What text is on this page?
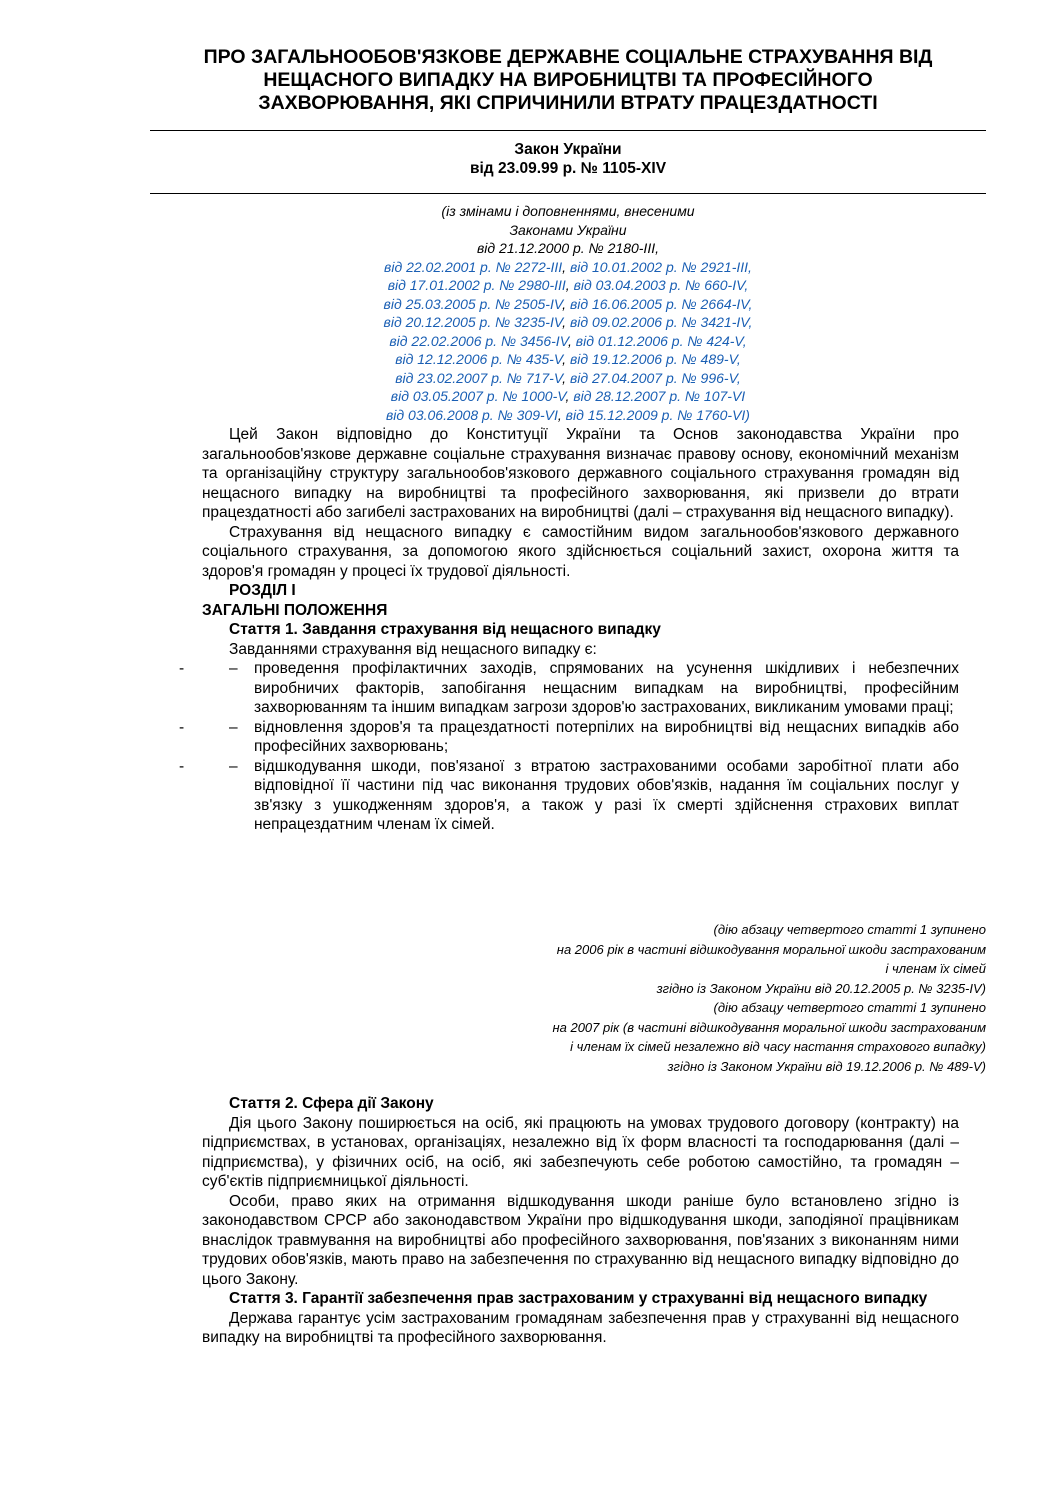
ПРО ЗАГАЛЬНООБОВ'ЯЗКОВЕ ДЕРЖАВНЕ СОЦІАЛЬНЕ СТРАХУВАННЯ ВІД
НЕЩАСНОГО ВИПАДКУ НА ВИРОБНИЦТВІ ТА ПРОФЕСІЙНОГО
ЗАХВОРЮВАННЯ, ЯКІ СПРИЧИНИЛИ ВТРАТУ ПРАЦЕЗДАТНОСТІ
Закон України
від 23.09.99 р. № 1105-XIV
(із змінами і доповненнями, внесеними
Законами України
від 21.12.2000 р. № 2180-III,
від 22.02.2001 р. № 2272-III, від 10.01.2002 р. № 2921-III,
від 17.01.2002 р. № 2980-III, від 03.04.2003 р. № 660-IV,
від 25.03.2005 р. № 2505-IV, від 16.06.2005 р. № 2664-IV,
від 20.12.2005 р. № 3235-IV, від 09.02.2006 р. № 3421-IV,
від 22.02.2006 р. № 3456-IV, від 01.12.2006 р. № 424-V,
від 12.12.2006 р. № 435-V, від 19.12.2006 р. № 489-V,
від 23.02.2007 р. № 717-V, від 27.04.2007 р. № 996-V,
від 03.05.2007 р. № 1000-V, від 28.12.2007 р. № 107-VI
від 03.06.2008 р. № 309-VI, від 15.12.2009 р. № 1760-VI)

Цей Закон відповідно до Конституції України та Основ законодавства України про загальнообов'язкове державне соціальне страхування визначає правову основу, економічний механізм та організаційну структуру загальнообов'язкового державного соціального страхування громадян від нещасного випадку на виробництві та професійного захворювання, які призвели до втрати працездатності або загибелі застрахованих на виробництві (далі – страхування від нещасного випадку).

Страхування від нещасного випадку є самостійним видом загальнообов'язкового державного соціального страхування, за допомогою якого здійснюється соціальний захист, охорона життя та здоров'я громадян у процесі їх трудової діяльності.

РОЗДІЛ I

ЗАГАЛЬНІ ПОЛОЖЕННЯ

Стаття 1. Завдання страхування від нещасного випадку

Завданнями страхування від нещасного випадку є:

-	– проведення профілактичних заходів, спрямованих на усунення шкідливих і небезпечних виробничих факторів, запобігання нещасним випадкам на виробництві, професійним захворюванням та іншим випадкам загрози здоров'ю застрахованих, викликаним умовами праці;
-	– відновлення здоров'я та працездатності потерпілих на виробництві від нещасних випадків або професійних захворювань;
-	– відшкодування шкоди, пов'язаної з втратою застрахованими особами заробітної плати або відповідної її частини під час виконання трудових обов'язків, надання їм соціальних послуг у зв'язку з ушкодженням здоров'я, а також у разі їх смерті здійснення страхових виплат непрацездатним членам їх сімей.
(дію абзацу четвертого статті 1 зупинено
на 2006 рік в частині відшкодування моральної шкоди застрахованим
і членам їх сімей
згідно із Законом України від 20.12.2005 р. № 3235-IV)
(дію абзацу четвертого статті 1 зупинено
на 2007 рік (в частині відшкодування моральної шкоди застрахованим
і членам їх сімей незалежно від часу настання страхового випадку)
згідно із Законом України від 19.12.2006 р. № 489-V)

Стаття 2. Сфера дії Закону

Дія цього Закону поширюється на осіб, які працюють на умовах трудового договору (контракту) на підприємствах, в установах, організаціях, незалежно від їх форм власності та господарювання (далі – підприємства), у фізичних осіб, на осіб, які забезпечують себе роботою самостійно, та громадян – суб'єктів підприємницької діяльності.

Особи, право яких на отримання відшкодування шкоди раніше було встановлено згідно із законодавством СРСР або законодавством України про відшкодування шкоди, заподіяної працівникам внаслідок травмування на виробництві або професійного захворювання, пов'язаних з виконанням ними трудових обов'язків, мають право на забезпечення по страхуванню від нещасного випадку відповідно до цього Закону.

Стаття 3. Гарантії забезпечення прав застрахованим у страхуванні від нещасного випадку

Держава гарантує усім застрахованим громадянам забезпечення прав у страхуванні від нещасного випадку на виробництві та професійного захворювання.
